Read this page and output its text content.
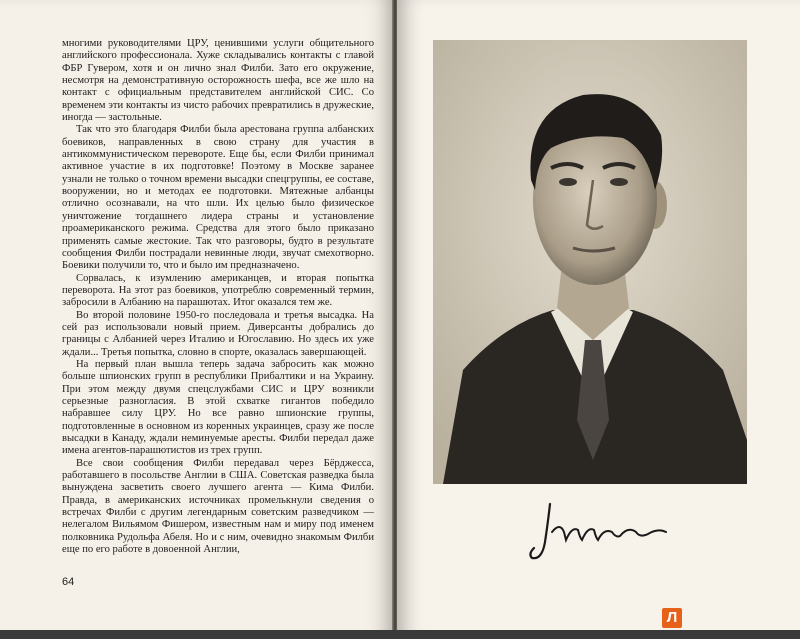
многими руководителями ЦРУ, ценившими услуги общительного английского профессионала. Хуже складывались контакты с главой ФБР Гувером, хотя и он лично знал Филби. Зато его окружение, несмотря на демонстративную осторожность шефа, все же шло на контакт с официальным представителем английской СИС. Со временем эти контакты из чисто рабочих превратились в дружеские, иногда — застольные.

Так что это благодаря Филби была арестована группа албанских боевиков, направленных в свою страну для участия в антикоммунистическом перевороте. Еще бы, если Филби принимал активное участие в их подготовке! Поэтому в Москве заранее узнали не только о точном времени высадки спецгруппы, ее составе, вооружении, но и методах ее подготовки. Мятежные албанцы отлично осознавали, на что шли. Их целью было физическое уничтожение тогдашнего лидера страны и установление проамериканского режима. Средства для этого было приказано применять самые жестокие. Так что разговоры, будто в результате сообщения Филби пострадали невинные люди, звучат смехотворно. Боевики получили то, что и было им предназначено.

Сорвалась, к изумлению американцев, и вторая попытка переворота. На этот раз боевиков, употреблю современный термин, забросили в Албанию на парашютах. Итог оказался тем же.

Во второй половине 1950-го последовала и третья высадка. На сей раз использовали новый прием. Диверсанты добрались до границы с Албанией через Италию и Югославию. Но здесь их уже ждали... Третья попытка, словно в спорте, оказалась завершающей.

На первый план вышла теперь задача забросить как можно больше шпионских групп в республики Прибалтики и на Украину. При этом между двумя спецслужбами СИС и ЦРУ возникли серьезные разногласия. В этой схватке гигантов победило набравшее силу ЦРУ. Но все равно шпионские группы, подготовленные в основном из коренных украинцев, сразу же после высадки в Канаду, ждали неминуемые аресты. Филби передал даже имена агентов-парашютистов из трех групп.

Все свои сообщения Филби передавал через Бёрджесса, работавшего в посольстве Англии в США. Советская разведка была вынуждена засветить своего лучшего агента — Кима Филби. Правда, в американских источниках промелькнули сведения о встречах Филби с другим легендарным советским разведчиком — нелегалом Вильямом Фишером, известным нам и миру под именем полковника Рудольфа Абеля. Но и с ним, очевидно знакомым Филби еще по его работе в довоенной Англии,

64
Л
